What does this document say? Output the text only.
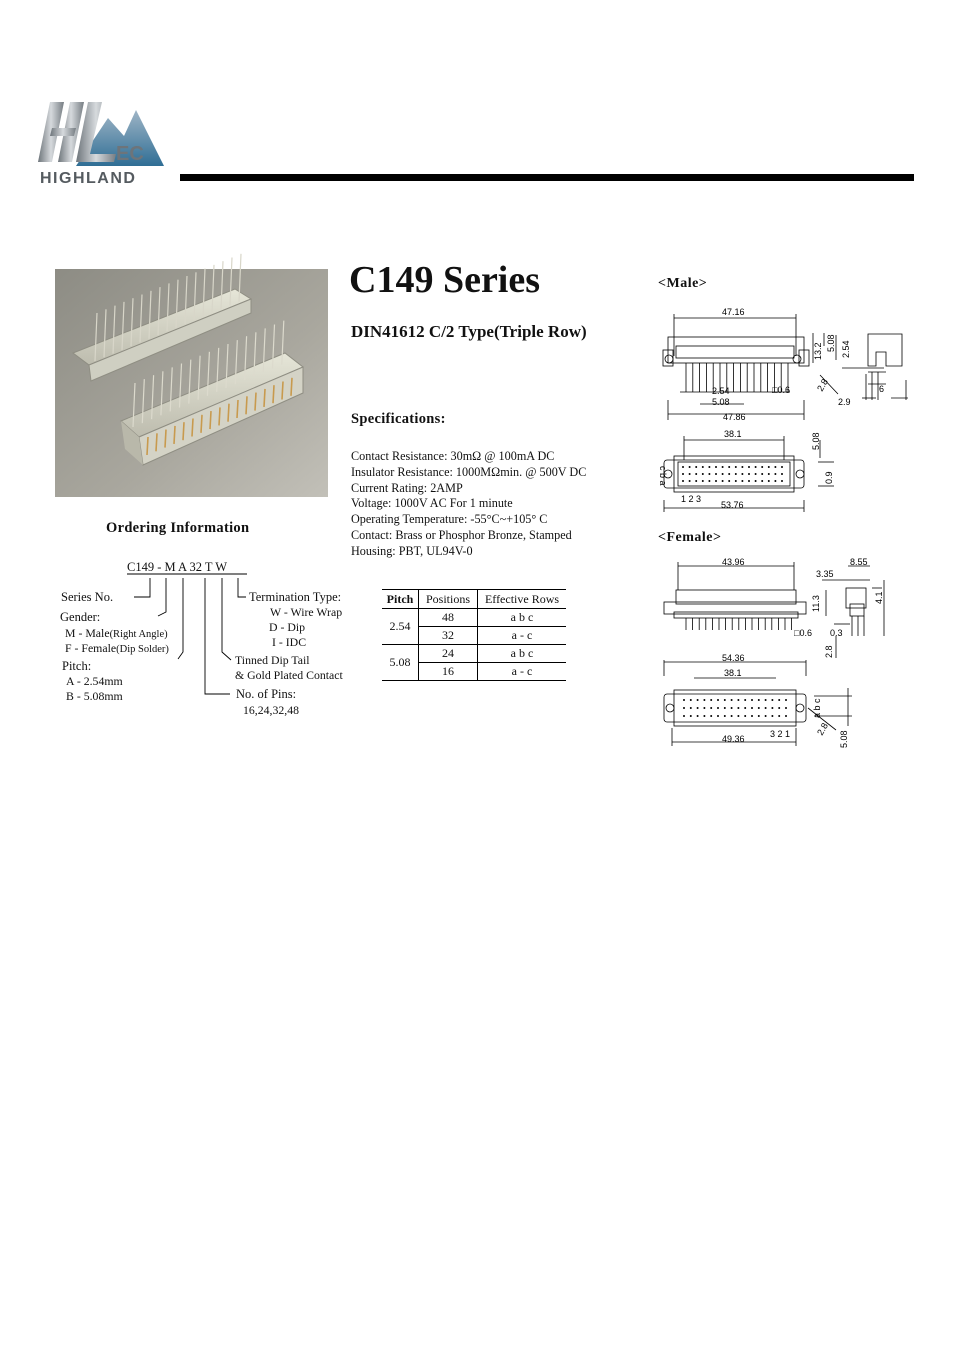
EC
HIGHLAND
C149 Series
DIN41612 C/2 Type(Triple Row)
Specifications:
Contact Resistance: 30mΩ @ 100mA DC
Insulator Resistance: 1000MΩmin. @ 500V DC
Current Rating: 2AMP
Voltage: 1000V AC For 1 minute
Operating Temperature: -55°C~+105° C
Contact: Brass or Phosphor Bronze, Stamped
Housing: PBT, UL94V-0
Ordering Information
C149 - M A 32 T W
Series No.
Gender:
M - Male(Right Angle)
F - Female(Dip Solder)
Pitch:
A - 2.54mm
B - 5.08mm
Termination Type:
W - Wire Wrap
D - Dip
I - IDC
Tinned Dip Tail
& Gold Plated Contact
No. of Pins:
16,24,32,48
Pitch	Positions	Effective Rows
2.54	48	a b c
	32	a - c
5.08	24	a b c
	16	a - c
<Male>
<Female>
47.16
13.2 5.08 2.54
2.54
5.08
47.86
□0.6	2.8
2.9
6
38.1	5.08
0.9
c b a
1 2 3
53.76
43.96	8.55
3.35
11.3	4.1
□0.6 0.3
2.8
54.36
38.1
3 2 1
49.36
2.8
a b c
5.08
